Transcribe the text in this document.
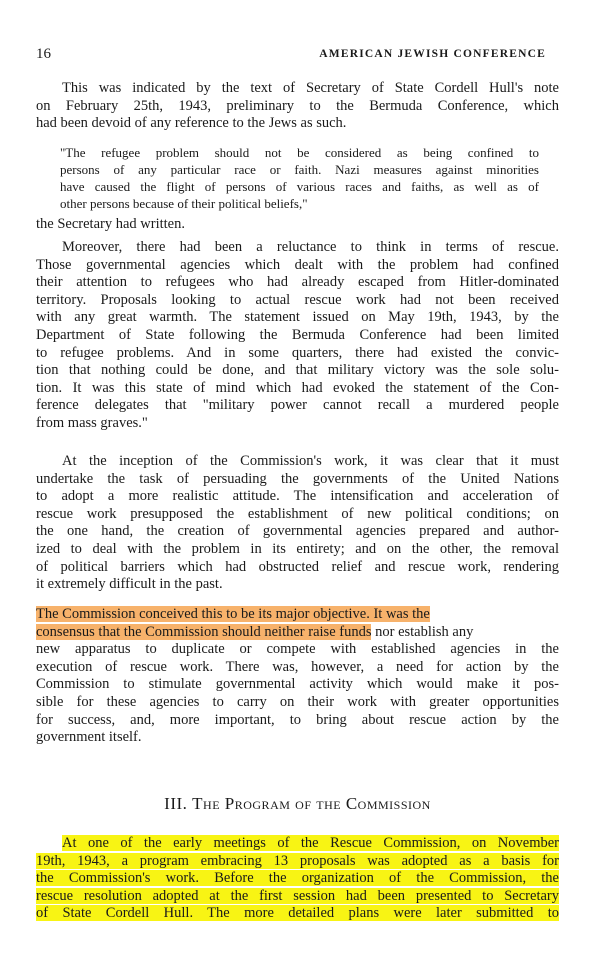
16	AMERICAN JEWISH CONFERENCE
This was indicated by the text of Secretary of State Cordell Hull's note
on February 25th, 1943, preliminary to the Bermuda Conference, which
had been devoid of any reference to the Jews as such.
"The refugee problem should not be considered as being confined to
persons of any particular race or faith. Nazi measures against minorities
have caused the flight of persons of various races and faiths, as well as of
other persons because of their political beliefs,"
the Secretary had written.
Moreover, there had been a reluctance to think in terms of rescue.
Those governmental agencies which dealt with the problem had confined
their attention to refugees who had already escaped from Hitler-dominated
territory. Proposals looking to actual rescue work had not been received
with any great warmth. The statement issued on May 19th, 1943, by the
Department of State following the Bermuda Conference had been limited
to refugee problems. And in some quarters, there had existed the convic-
tion that nothing could be done, and that military victory was the sole solu-
tion. It was this state of mind which had evoked the statement of the Con-
ference delegates that "military power cannot recall a murdered people
from mass graves."
At the inception of the Commission's work, it was clear that it must
undertake the task of persuading the governments of the United Nations
to adopt a more realistic attitude. The intensification and acceleration of
rescue work presupposed the establishment of new political conditions; on
the one hand, the creation of governmental agencies prepared and author-
ized to deal with the problem in its entirety; and on the other, the removal
of political barriers which had obstructed relief and rescue work, rendering
it extremely difficult in the past.
The Commission conceived this to be its major objective. It was the
consensus that the Commission should neither raise funds nor establish any
new apparatus to duplicate or compete with established agencies in the
execution of rescue work. There was, however, a need for action by the
Commission to stimulate governmental activity which would make it pos-
sible for these agencies to carry on their work with greater opportunities
for success, and, more important, to bring about rescue action by the
government itself.
III. The Program of the Commission
At one of the early meetings of the Rescue Commission, on November
19th, 1943, a program embracing 13 proposals was adopted as a basis for
the Commission's work. Before the organization of the Commission, the
rescue resolution adopted at the first session had been presented to Secretary
of State Cordell Hull. The more detailed plans were later submitted to
